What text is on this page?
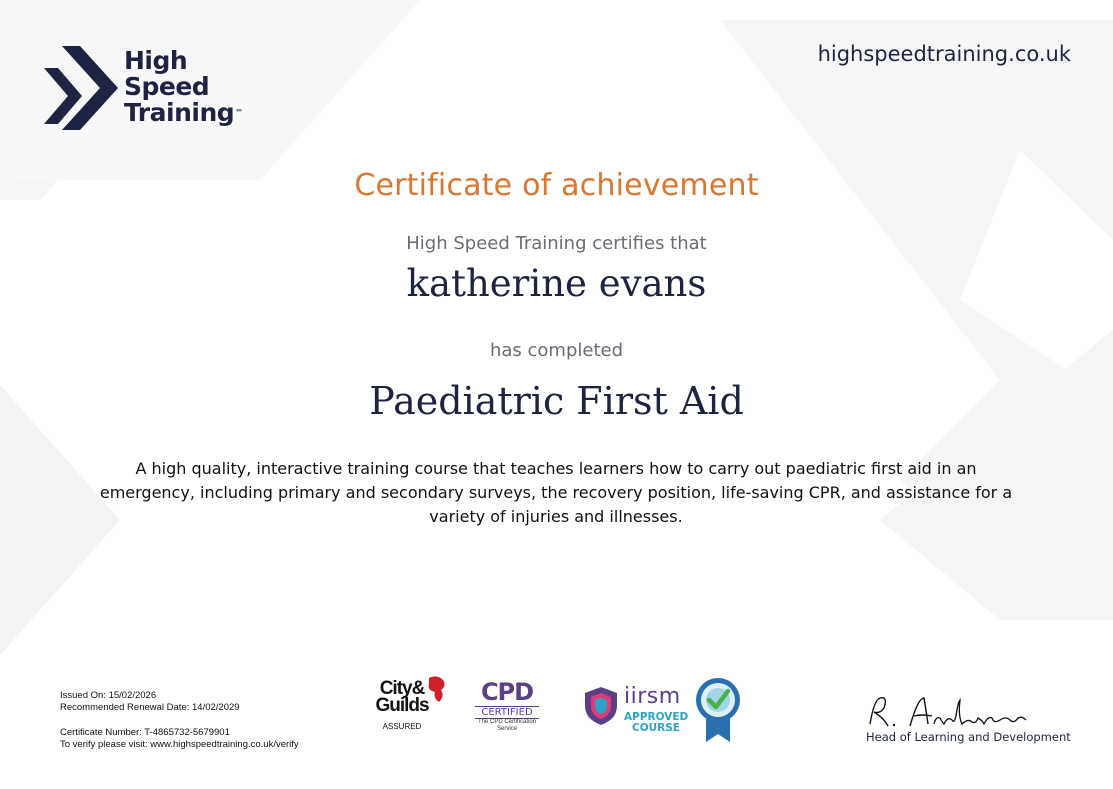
High
Speed
Training™
highspeedtraining.co.uk
Certificate of achievement
High Speed Training certifies that
katherine evans
has completed
Paediatric First Aid
A high quality, interactive training course that teaches learners how to carry out paediatric first aid in an emergency, including primary and secondary surveys, the recovery position, life-saving CPR, and assistance for a variety of injuries and illnesses.
Issued On: 15/02/2026
Recommended Renewal Date: 14/02/2029
Certificate Number: T-4865732-5679901
To verify please visit: www.highspeedtraining.co.uk/verify
City&
Guilds
ASSURED
CPD
CERTIFIED
The CPD Certification
Service
iirsm
APPROVED
COURSE
Head of Learning and Development
